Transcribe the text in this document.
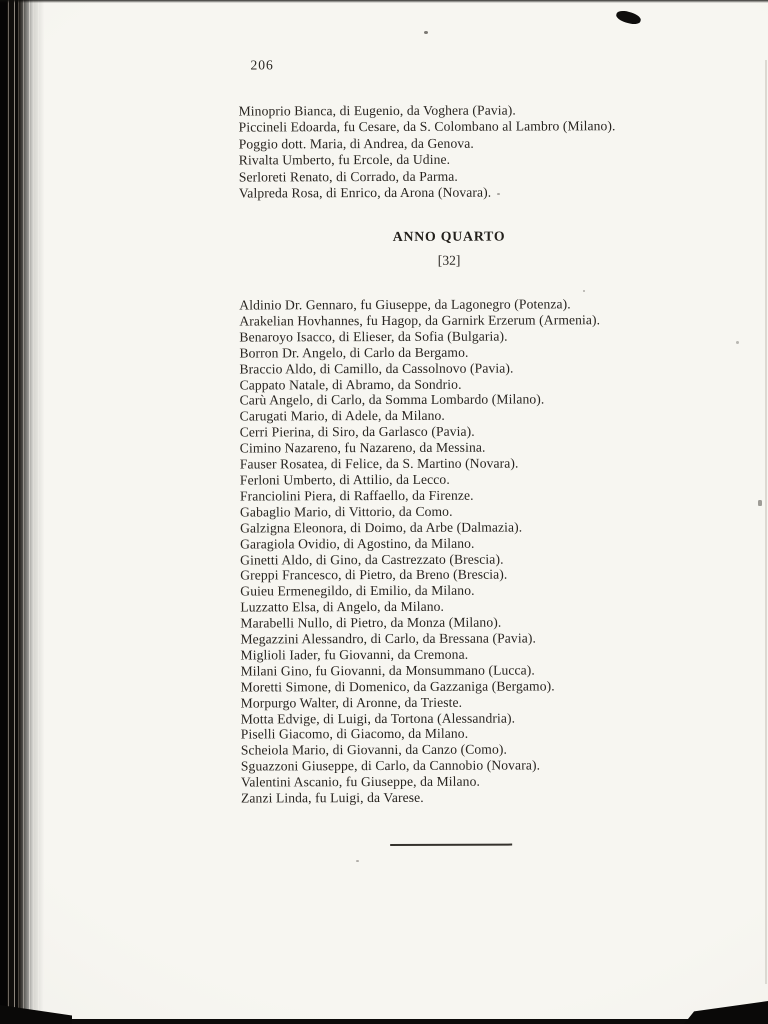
206
Minoprio Bianca, di Eugenio, da Voghera (Pavia).
Piccineli Edoarda, fu Cesare, da S. Colombano al Lambro (Milano).
Poggio dott. Maria, di Andrea, da Genova.
Rivalta Umberto, fu Ercole, da Udine.
Serloreti Renato, di Corrado, da Parma.
Valpreda Rosa, di Enrico, da Arona (Novara).
ANNO QUARTO
[32]
Aldinio Dr. Gennaro, fu Giuseppe, da Lagonegro (Potenza).
Arakelian Hovhannes, fu Hagop, da Garnirk Erzerum (Armenia).
Benaroyo Isacco, di Elieser, da Sofia (Bulgaria).
Borron Dr. Angelo, di Carlo da Bergamo.
Braccio Aldo, di Camillo, da Cassolnovo (Pavia).
Cappato Natale, di Abramo, da Sondrio.
Carù Angelo, di Carlo, da Somma Lombardo (Milano).
Carugati Mario, di Adele, da Milano.
Cerri Pierina, di Siro, da Garlasco (Pavia).
Cimino Nazareno, fu Nazareno, da Messina.
Fauser Rosatea, di Felice, da S. Martino (Novara).
Ferloni Umberto, di Attilio, da Lecco.
Franciolini Piera, di Raffaello, da Firenze.
Gabaglio Mario, di Vittorio, da Como.
Galzigna Eleonora, di Doimo, da Arbe (Dalmazia).
Garagiola Ovidio, di Agostino, da Milano.
Ginetti Aldo, di Gino, da Castrezzato (Brescia).
Greppi Francesco, di Pietro, da Breno (Brescia).
Guieu Ermenegildo, di Emilio, da Milano.
Luzzatto Elsa, di Angelo, da Milano.
Marabelli Nullo, di Pietro, da Monza (Milano).
Megazzini Alessandro, di Carlo, da Bressana (Pavia).
Miglioli Iader, fu Giovanni, da Cremona.
Milani Gino, fu Giovanni, da Monsummano (Lucca).
Moretti Simone, di Domenico, da Gazzaniga (Bergamo).
Morpurgo Walter, di Aronne, da Trieste.
Motta Edvige, di Luigi, da Tortona (Alessandria).
Piselli Giacomo, di Giacomo, da Milano.
Scheiola Mario, di Giovanni, da Canzo (Como).
Sguazzoni Giuseppe, di Carlo, da Cannobio (Novara).
Valentini Ascanio, fu Giuseppe, da Milano.
Zanzi Linda, fu Luigi, da Varese.
